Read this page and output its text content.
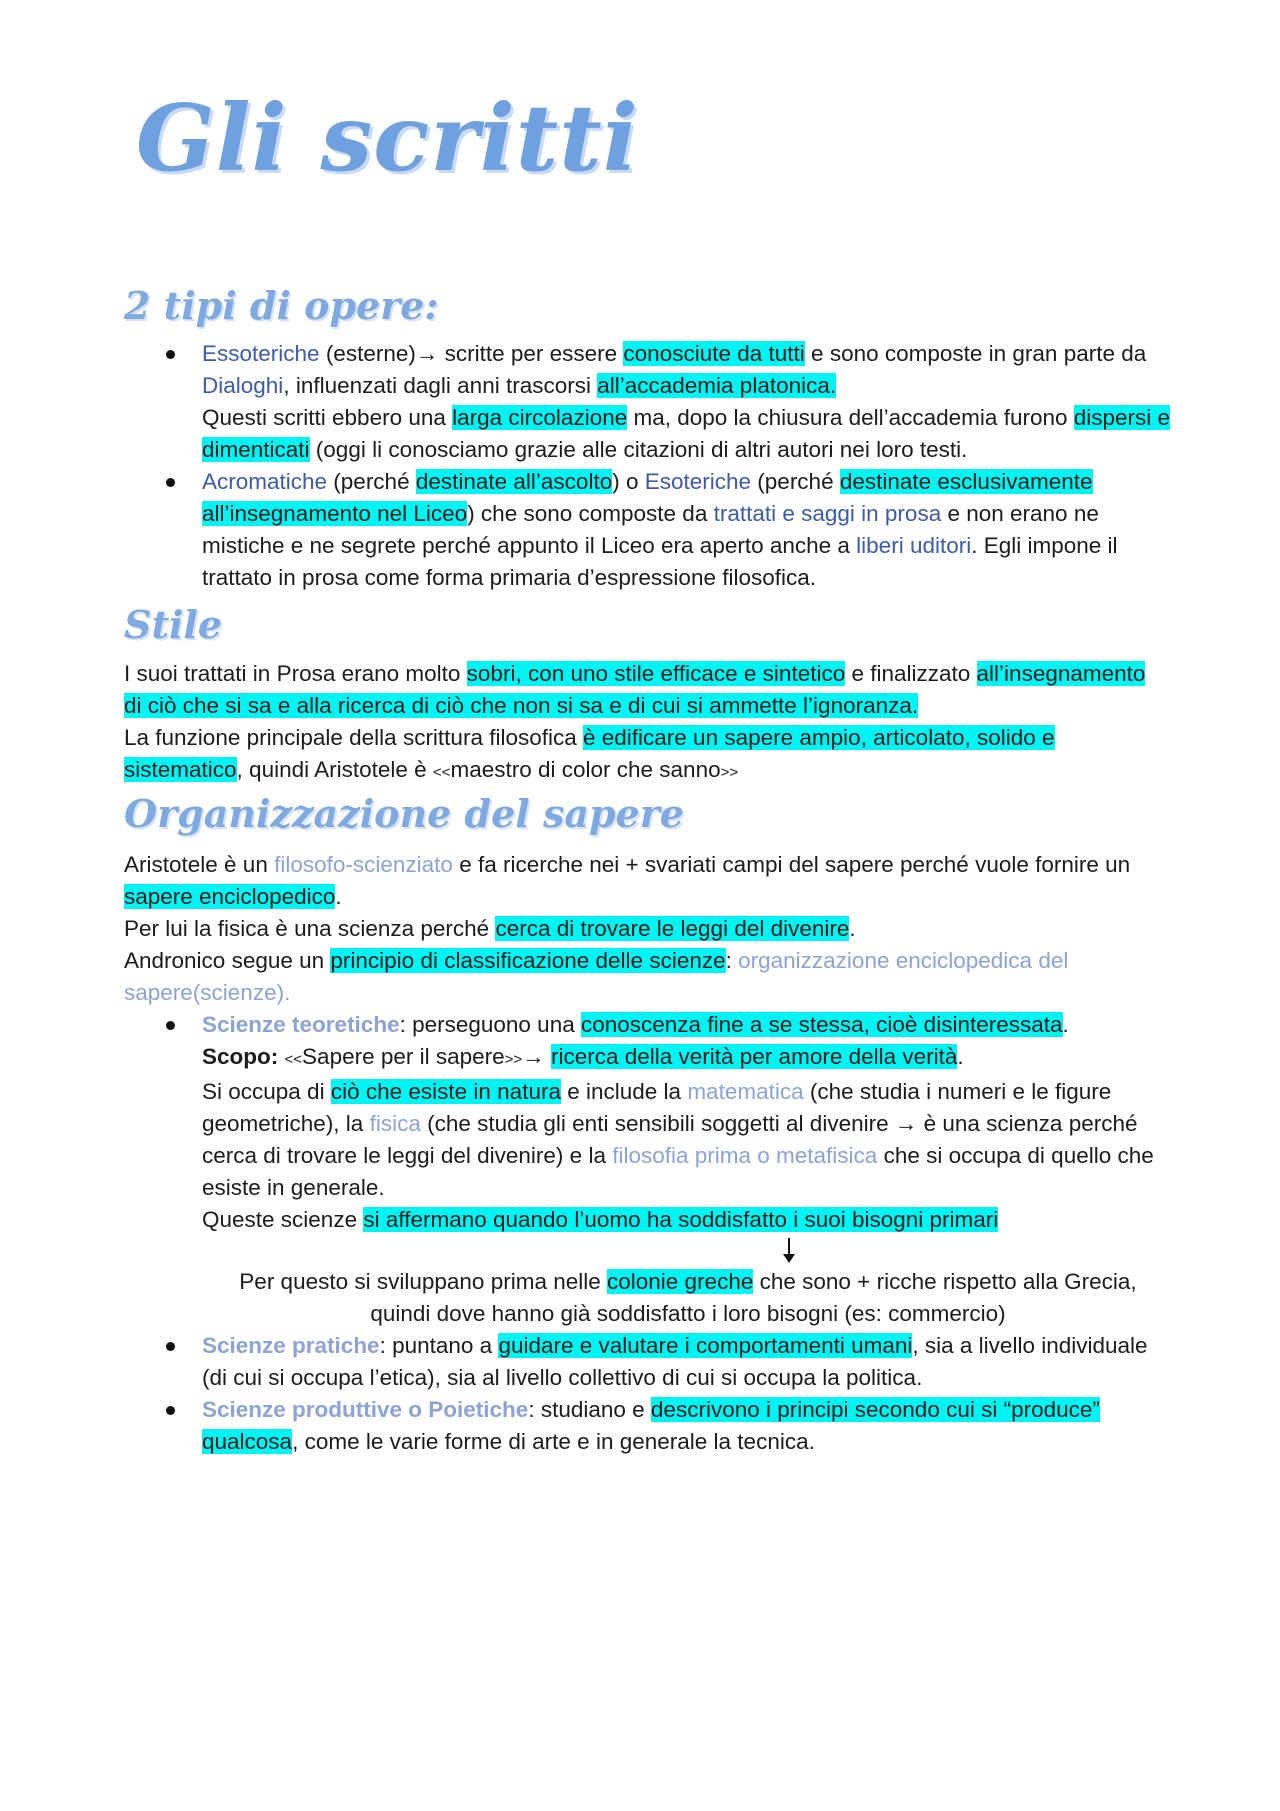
Gli scritti
2 tipi di opere:
Essoteriche (esterne)→ scritte per essere conosciute da tutti e sono composte in gran parte da Dialoghi, influenzati dagli anni trascorsi all’accademia platonica.
Questi scritti ebbero una larga circolazione ma, dopo la chiusura dell’accademia furono dispersi e dimenticati (oggi li conosciamo grazie alle citazioni di altri autori nei loro testi.
Acromatiche (perché destinate all’ascolto) o Esoteriche (perché destinate esclusivamente all’insegnamento nel Liceo) che sono composte da trattati e saggi in prosa e non erano ne mistiche e ne segrete perché appunto il Liceo era aperto anche a liberi uditori. Egli impone il trattato in prosa come forma primaria d’espressione filosofica.
Stile

I suoi trattati in Prosa erano molto sobri, con uno stile efficace e sintetico e finalizzato all’insegnamento di ciò che si sa e alla ricerca di ciò che non si sa e di cui si ammette l’ignoranza.
La funzione principale della scrittura filosofica è edificare un sapere ampio, articolato, solido e sistematico, quindi Aristotele è <<maestro di color che sanno>>

Organizzazione del sapere

Aristotele è un filosofo-scienziato e fa ricerche nei + svariati campi del sapere perché vuole fornire un sapere enciclopedico.
Per lui la fisica è una scienza perché cerca di trovare le leggi del divenire.
Andronico segue un principio di classificazione delle scienze: organizzazione enciclopedica del sapere(scienze).

Scienze teoretiche: perseguono una conoscenza fine a se stessa, cioè disinteressata.
Scopo: <<Sapere per il sapere>>→ ricerca della verità per amore della verità.
Si occupa di ciò che esiste in natura e include la matematica (che studia i numeri e le figure geometriche), la fisica (che studia gli enti sensibili soggetti al divenire → è una scienza perché cerca di trovare le leggi del divenire) e la filosofia prima o metafisica che si occupa di quello che esiste in generale.
Queste scienze si affermano quando l’uomo ha soddisfatto i suoi bisogni primari
Per questo si sviluppano prima nelle colonie greche che sono + ricche rispetto alla Grecia,
quindi dove hanno già soddisfatto i loro bisogni (es: commercio)
Scienze pratiche: puntano a guidare e valutare i comportamenti umani, sia a livello individuale (di cui si occupa l’etica), sia al livello collettivo di cui si occupa la politica.
Scienze produttive o Poietiche: studiano e descrivono i principi secondo cui si “produce” qualcosa, come le varie forme di arte e in generale la tecnica.
